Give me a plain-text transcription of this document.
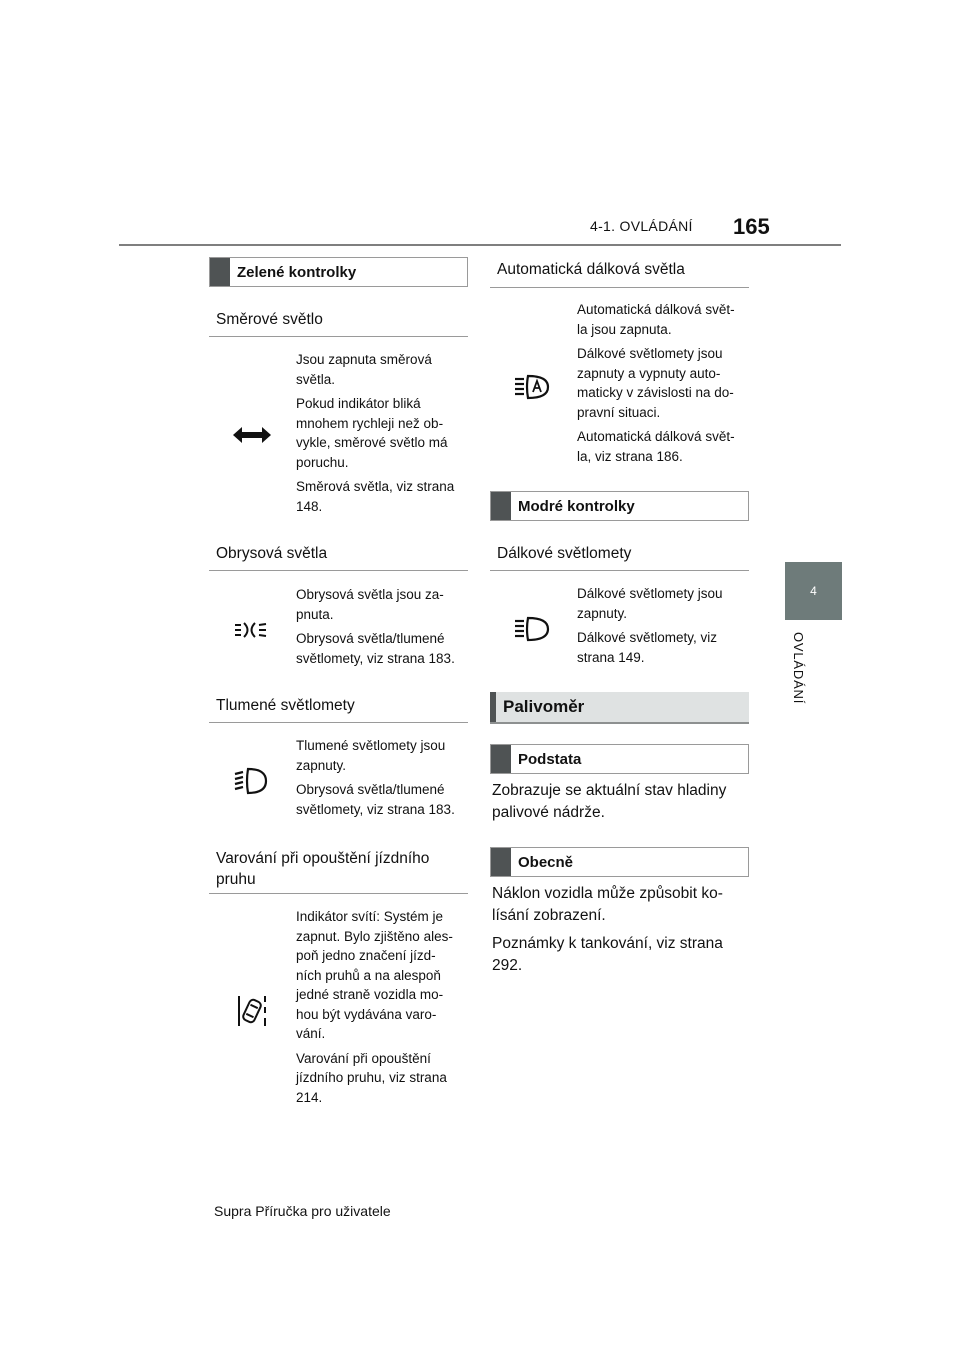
4-1. OVLÁDÁNÍ 165
4
OVLÁDÁNÍ
Zelené kontrolky
Směrové světlo

Jsou zapnuta směrová
světla.

Pokud indikátor bliká
mnohem rychleji než ob-
vykle, směrové světlo má
poruchu.

Směrová světla, viz strana
148.

Obrysová světla

Obrysová světla jsou za-
pnuta.

Obrysová světla/tlumené
světlomety, viz strana 183.

Tlumené světlomety

Tlumené světlomety jsou
zapnuty.

Obrysová světla/tlumené
světlomety, viz strana 183.

Varování při opouštění jízdního
pruhu

Indikátor svítí: Systém je
zapnut. Bylo zjištěno ales-
poň jedno značení jízd-
ních pruhů a na alespoň
jedné straně vozidla mo-
hou být vydávána varo-
vání.

Varování při opouštění
jízdního pruhu, viz strana
214.

Automatická dálková světla

Automatická dálková svět-
la jsou zapnuta.

Dálkové světlomety jsou
zapnuty a vypnuty auto-
maticky v závislosti na do-
pravní situaci.

Automatická dálková svět-
la, viz strana 186.

Modré kontrolky
Dálkové světlomety

Dálkové světlomety jsou
zapnuty.

Dálkové světlomety, viz
strana 149.

Palivoměr
Podstata

Zobrazuje se aktuální stav hladiny
palivové nádrže.

Obecně

Náklon vozidla může způsobit ko-
lísání zobrazení.

Poznámky k tankování, viz strana
292.

Supra Příručka pro uživatele
